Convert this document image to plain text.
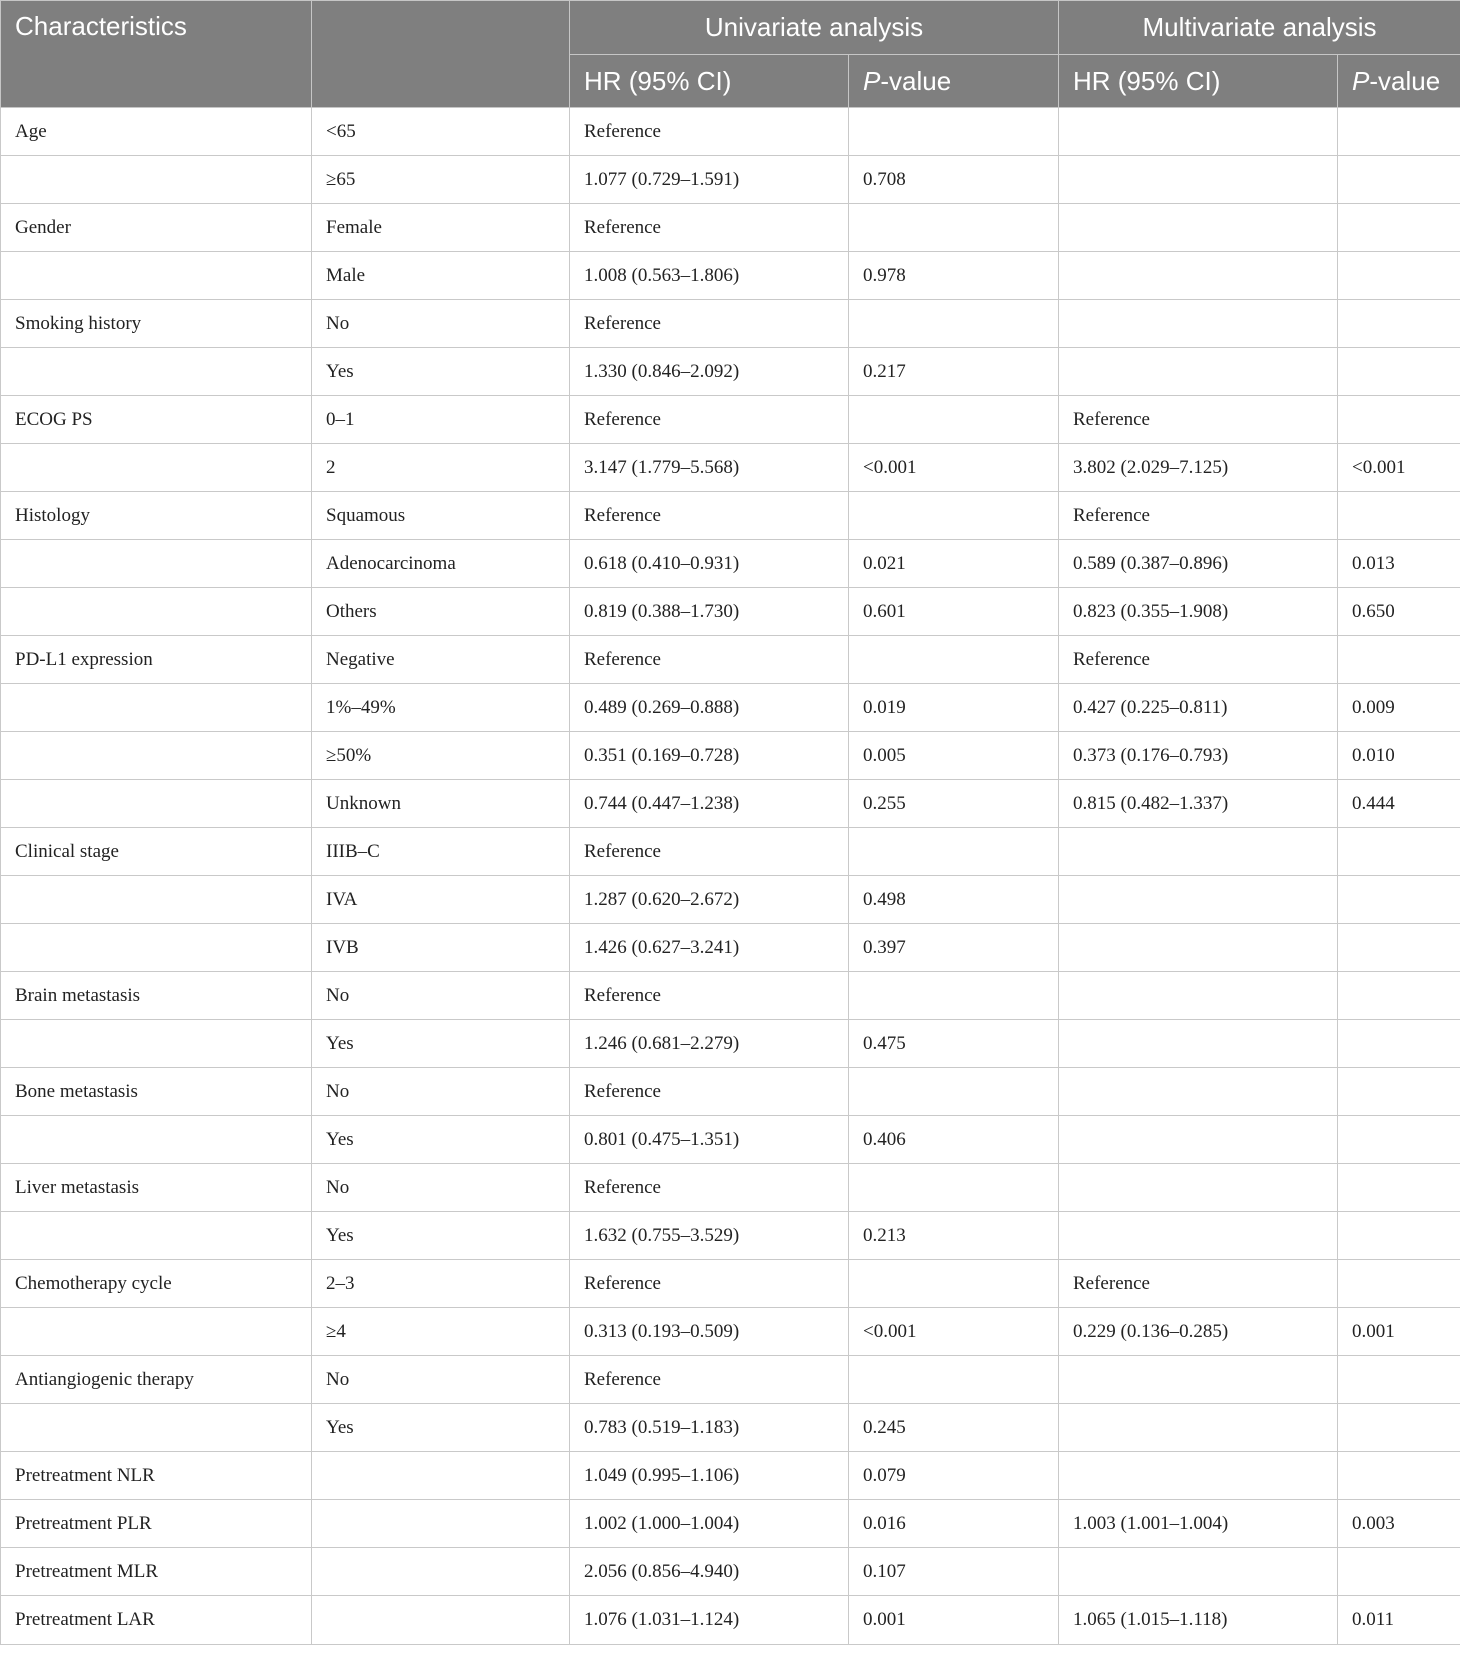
Characteristics		Univariate analysis		Multivariate analysis	
		HR (95% CI)	P-value	HR (95% CI)	P-value
Age	<65	Reference			
	≥65	1.077 (0.729–1.591)	0.708		
Gender	Female	Reference			
	Male	1.008 (0.563–1.806)	0.978		
Smoking history	No	Reference			
	Yes	1.330 (0.846–2.092)	0.217		
ECOG PS	0–1	Reference		Reference	
	2	3.147 (1.779–5.568)	<0.001	3.802 (2.029–7.125)	<0.001
Histology	Squamous	Reference		Reference	
	Adenocarcinoma	0.618 (0.410–0.931)	0.021	0.589 (0.387–0.896)	0.013
	Others	0.819 (0.388–1.730)	0.601	0.823 (0.355–1.908)	0.650
PD-L1 expression	Negative	Reference		Reference	
	1%–49%	0.489 (0.269–0.888)	0.019	0.427 (0.225–0.811)	0.009
	≥50%	0.351 (0.169–0.728)	0.005	0.373 (0.176–0.793)	0.010
	Unknown	0.744 (0.447–1.238)	0.255	0.815 (0.482–1.337)	0.444
Clinical stage	IIIB–C	Reference			
	IVA	1.287 (0.620–2.672)	0.498		
	IVB	1.426 (0.627–3.241)	0.397		
Brain metastasis	No	Reference			
	Yes	1.246 (0.681–2.279)	0.475		
Bone metastasis	No	Reference			
	Yes	0.801 (0.475–1.351)	0.406		
Liver metastasis	No	Reference			
	Yes	1.632 (0.755–3.529)	0.213		
Chemotherapy cycle	2–3	Reference		Reference	
	≥4	0.313 (0.193–0.509)	<0.001	0.229 (0.136–0.285)	0.001
Antiangiogenic therapy	No	Reference			
	Yes	0.783 (0.519–1.183)	0.245		
Pretreatment NLR		1.049 (0.995–1.106)	0.079		
Pretreatment PLR		1.002 (1.000–1.004)	0.016	1.003 (1.001–1.004)	0.003
Pretreatment MLR		2.056 (0.856–4.940)	0.107		
Pretreatment LAR		1.076 (1.031–1.124)	0.001	1.065 (1.015–1.118)	0.011
